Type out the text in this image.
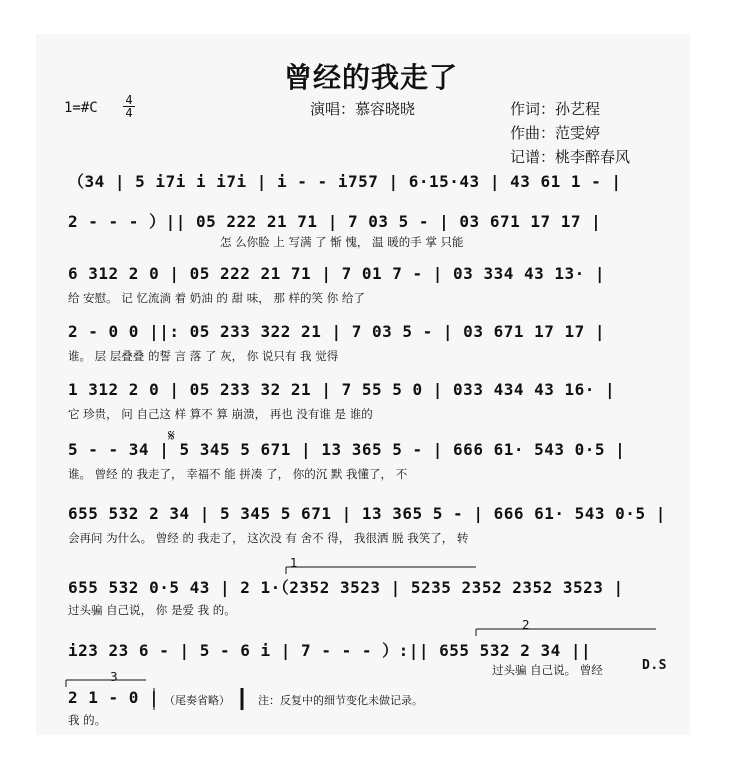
曾经的我走了
1=#C 4
4	演唱：慕容晓晓	作词：孙艺程
作曲：范雯婷
记谱：桃李醉春风
（34 | 5 i7i i i7i | i - - i757 | 6·15·43 | 43 61 1 - |
2 - - - ）|| 05 222 21 71 | 7 03 5 - | 03 671 17 17 |
怎 么你脸 上 写满 了 惭 愧， 温 暖的手 掌 只能
6 312 2 0 | 05 222 21 71 | 7 01 7 - | 03 334 43 13· |
给 安慰。 记 忆流淌 着 奶油 的 甜 味， 那 样的笑 你 给了
2 - 0 0 ||: 05 233 322 21 | 7 03 5 - | 03 671 17 17 |
谁。 层 层叠叠 的誓 言 落 了 灰， 你 说只有 我 觉得
1 312 2 0 | 05 233 32 21 | 7 55 5 0 | 033 434 43 16· |
它 珍贵， 问 自己这 样 算不 算 崩溃， 再也 没有谁 是 谁的
5 - - 34 | 5 345 5 671 | 13 365 5 - | 666 61· 543 0·5 |
谁。 曾经 的 我走了， 幸福不 能 拼凑 了， 你的沉 默 我懂了， 不
𝄋
655 532 2 34 | 5 345 5 671 | 13 365 5 - | 666 61· 543 0·5 |
会再问 为什么。 曾经 的 我走了， 这次没 有 舍不 得， 我很洒 脱 我笑了， 转
655 532 0·5 43 | 2 1·（2352 3523 | 5235 2352 2352 3523 |
过头骗 自己说， 你 是爱 我 的。
1
i23 23 6 - | 5 - 6 i | 7 - - - ）:|| 655 532 2 34 ||
过头骗 自己说。 曾经	D.S
2
2 1 - 0 |
我 的。
3
（尾奏省略）	注：反复中的细节变化未做记录。
